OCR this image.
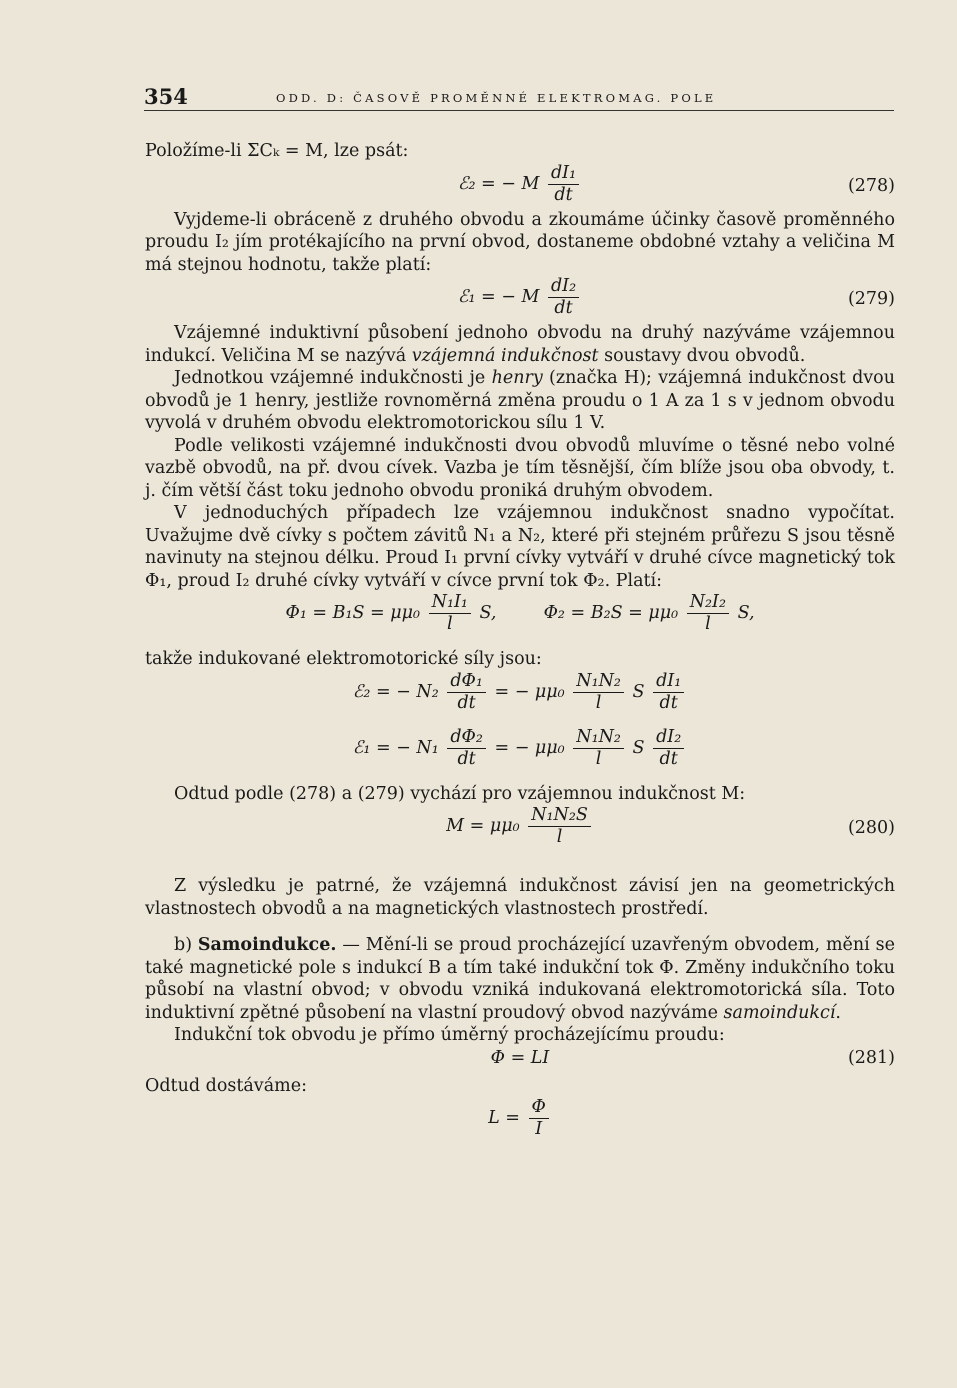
354	ODD. D: ČASOVĚ PROMĚNNÉ ELEKTROMAG. POLE

Položíme-li ΣCₖ = M, lze psát:

ℰ₂ = − M $\frac{\text{dI₁}}{dt}$	(278)

Vyjdeme-li obráceně z druhého obvodu a zkoumáme účinky časově proměnného proudu I₂ jím protékajícího na první obvod, dostaneme obdobné vztahy a veličina M má stejnou hodnotu, takže platí:

ℰ₁ = − M $\frac{\text{dI₂}}{dt}$	(279)

Vzájemné induktivní působení jednoho obvodu na druhý nazýváme vzájemnou indukcí. Veličina M se nazývá vzájemná indukčnost soustavy dvou obvodů.

Jednotkou vzájemné indukčnosti je henry (značka H); vzájemná indukčnost dvou obvodů je 1 henry, jestliže rovnoměrná změna proudu o 1 A za 1 s v jednom obvodu vyvolá v druhém obvodu elektromotorickou sílu 1 V.

Podle velikosti vzájemné indukčnosti dvou obvodů mluvíme o těsné nebo volné vazbě obvodů, na př. dvou cívek. Vazba je tím těsnější, čím blíže jsou oba obvody, t. j. čím větší část toku jednoho obvodu proniká druhým obvodem.

V jednoduchých případech lze vzájemnou indukčnost snadno vypočítat. Uvažujme dvě cívky s počtem závitů N₁ a N₂, které při stejném průřezu S jsou těsně navinuty na stejnou délku. Proud I₁ první cívky vytváří v druhé cívce magnetický tok Φ₁, proud I₂ druhé cívky vytváří v cívce první tok Φ₂. Platí:

$\Phi_1 = B_1S = \mu\mu_0 \frac{\text{N₁I₁}}{l} S$,	$\Phi_2 = B_2S = \mu\mu_0 \frac{\text{N₂I₂}}{l} S$,

takže indukované elektromotorické síly jsou:

ℰ₂ = − $N_2 \frac{\text{dΦ₁}}{dt}$ = − $\mu\mu_0 \frac{\text{N₁N₂}}{l}$ S $\frac{\text{dI₁}}{dt}$
ℰ₁ = − $N_1 \frac{\text{dΦ₂}}{dt}$ = − $\mu\mu_0 \frac{\text{N₁N₂}}{l}$ S $\frac{\text{dI₂}}{dt}$

Odtud podle (278) a (279) vychází pro vzájemnou indukčnost M:

$M = \mu\mu_0 \frac{\text{N₁N₂S}}{l}$	(280)

Z výsledku je patrné, že vzájemná indukčnost závisí jen na geometrických vlastnostech obvodů a na magnetických vlastnostech prostředí.

b) Samoindukce. — Mění-li se proud procházející uzavřeným obvodem, mění se také magnetické pole s indukcí B a tím také indukční tok Φ. Změny indukčního toku působí na vlastní obvod; v obvodu vzniká indukovaná elektromotorická síla. Toto induktivní zpětné působení na vlastní proudový obvod nazýváme samoindukcí.

Indukční tok obvodu je přímo úměrný procházejícímu proudu:

Φ = LI	(281)

Odtud dostáváme:

$L = \frac{\Phi}{I}$
